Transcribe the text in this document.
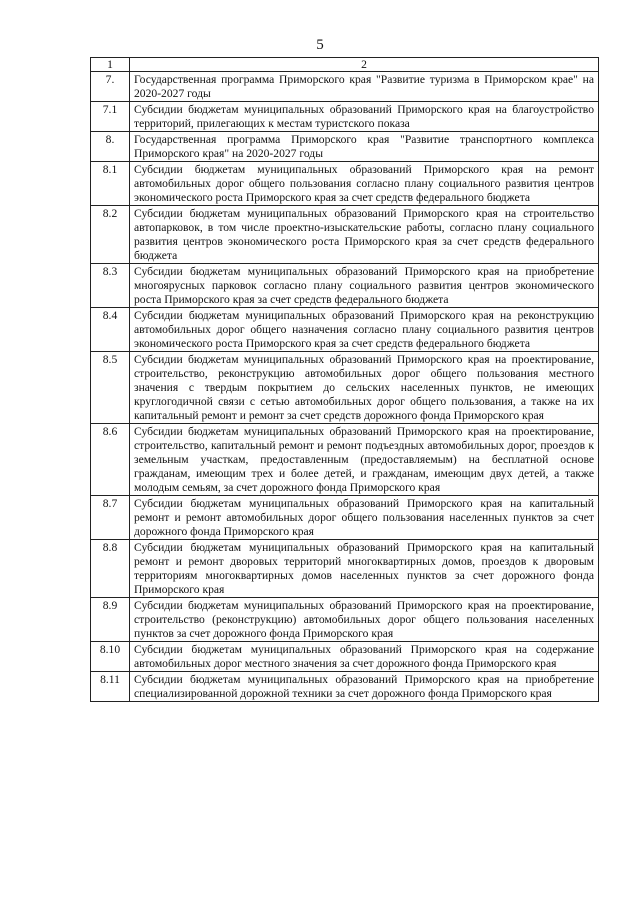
5
1	2
7.	Государственная программа Приморского края "Развитие туризма в Приморском крае" на 2020-2027 годы
7.1	Субсидии бюджетам муниципальных образований Приморского края на благоустройство территорий, прилегающих к местам туристского показа
8.	Государственная программа Приморского края "Развитие транспортного комплекса Приморского края" на 2020-2027 годы
8.1	Субсидии бюджетам муниципальных образований Приморского края на ремонт автомобильных дорог общего пользования согласно плану социального развития центров экономического роста Приморского края за счет средств федерального бюджета
8.2	Субсидии бюджетам муниципальных образований Приморского края на строительство автопарковок, в том числе проектно-изыскательские работы, согласно плану социального развития центров экономического роста Приморского края за счет средств федерального бюджета
8.3	Субсидии бюджетам муниципальных образований Приморского края на приобретение многоярусных парковок согласно плану социального развития центров экономического роста Приморского края за счет средств федерального бюджета
8.4	Субсидии бюджетам муниципальных образований Приморского края на реконструкцию автомобильных дорог общего назначения согласно плану социального развития центров экономического роста Приморского края за счет средств федерального бюджета
8.5	Субсидии бюджетам муниципальных образований Приморского края на проектирование, строительство, реконструкцию автомобильных дорог общего пользования местного значения с твердым покрытием до сельских населенных пунктов, не имеющих круглогодичной связи с сетью автомобильных дорог общего пользования, а также на их капитальный ремонт и ремонт за счет средств дорожного фонда Приморского края
8.6	Субсидии бюджетам муниципальных образований Приморского края на проектирование, строительство, капитальный ремонт и ремонт подъездных автомобильных дорог, проездов к земельным участкам, предоставленным (предоставляемым) на бесплатной основе гражданам, имеющим трех и более детей, и гражданам, имеющим двух детей, а также молодым семьям, за счет дорожного фонда Приморского края
8.7	Субсидии бюджетам муниципальных образований Приморского края на капитальный ремонт и ремонт автомобильных дорог общего пользования населенных пунктов за счет дорожного фонда Приморского края
8.8	Субсидии бюджетам муниципальных образований Приморского края на капитальный ремонт и ремонт дворовых территорий многоквартирных домов, проездов к дворовым территориям многоквартирных домов населенных пунктов за счет дорожного фонда Приморского края
8.9	Субсидии бюджетам муниципальных образований Приморского края на проектирование, строительство (реконструкцию) автомобильных дорог общего пользования населенных пунктов за счет дорожного фонда Приморского края
8.10	Субсидии бюджетам муниципальных образований Приморского края на содержание автомобильных дорог местного значения за счет дорожного фонда Приморского края
8.11	Субсидии бюджетам муниципальных образований Приморского края на приобретение специализированной дорожной техники за счет дорожного фонда Приморского края
